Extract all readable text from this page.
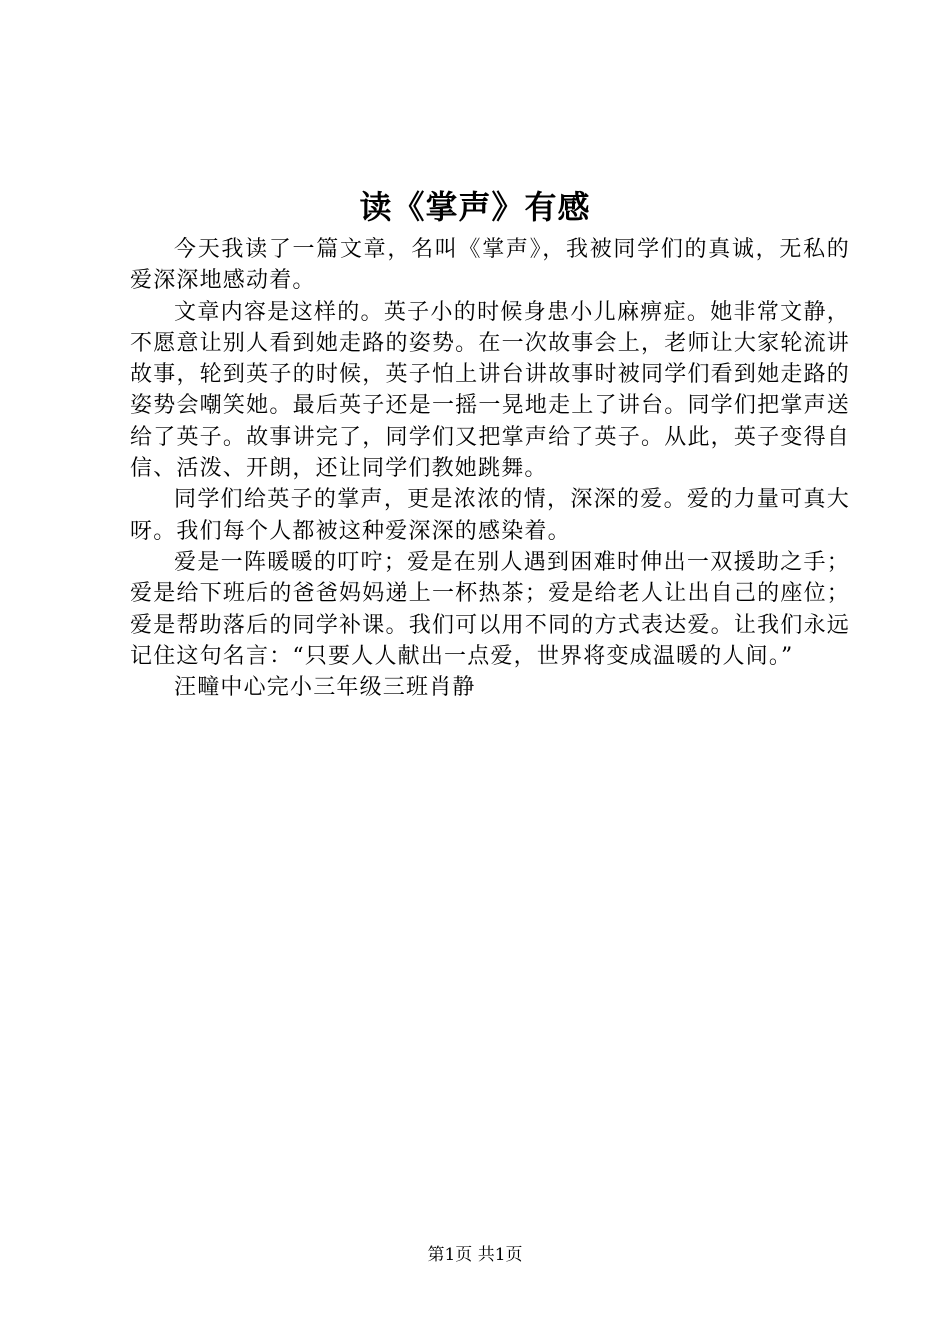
读《掌声》有感

今天我读了一篇文章，名叫《掌声》，我被同学们的真诚，无私的爱深深地感动着。

文章内容是这样的。英子小的时候身患小儿麻痹症。她非常文静，不愿意让别人看到她走路的姿势。在一次故事会上，老师让大家轮流讲故事，轮到英子的时候，英子怕上讲台讲故事时被同学们看到她走路的姿势会嘲笑她。最后英子还是一摇一晃地走上了讲台。同学们把掌声送给了英子。故事讲完了，同学们又把掌声给了英子。从此，英子变得自信、活泼、开朗，还让同学们教她跳舞。

同学们给英子的掌声，更是浓浓的情，深深的爱。爱的力量可真大呀。我们每个人都被这种爱深深的感染着。

爱是一阵暖暖的叮咛；爱是在别人遇到困难时伸出一双援助之手；爱是给下班后的爸爸妈妈递上一杯热茶；爱是给老人让出自己的座位；爱是帮助落后的同学补课。我们可以用不同的方式表达爱。让我们永远记住这句名言：“只要人人献出一点爱，世界将变成温暖的人间。”

汪疃中心完小三年级三班肖静

第1页 共1页
